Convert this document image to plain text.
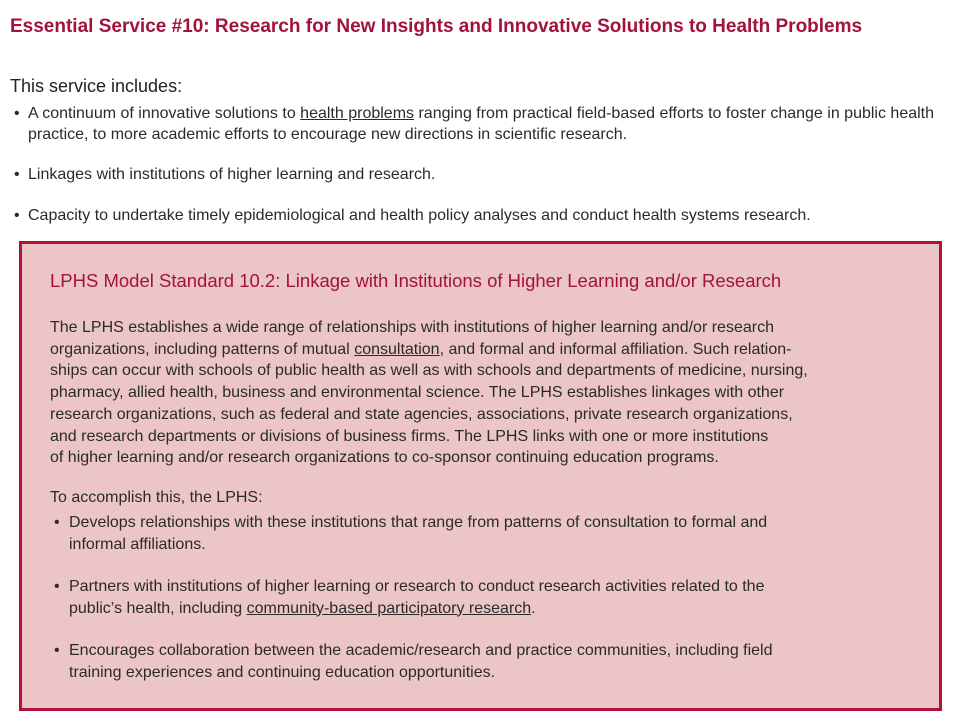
Essential Service #10: Research for New Insights and Innovative Solutions to Health Problems
This service includes:
• A continuum of innovative solutions to health problems ranging from practical field-based efforts to foster change in public health practice, to more academic efforts to encourage new directions in scientific research.
• Linkages with institutions of higher learning and research.
• Capacity to undertake timely epidemiological and health policy analyses and conduct health systems research.
LPHS Model Standard 10.2: Linkage with Institutions of Higher Learning and/or Research
The LPHS establishes a wide range of relationships with institutions of higher learning and/or research
organizations, including patterns of mutual consultation, and formal and informal affiliation. Such relation-
ships can occur with schools of public health as well as with schools and departments of medicine, nursing,
pharmacy, allied health, business and environmental science. The LPHS establishes linkages with other
research organizations, such as federal and state agencies, associations, private research organizations,
and research departments or divisions of business firms. The LPHS links with one or more institutions
of higher learning and/or research organizations to co-sponsor continuing education programs.
To accomplish this, the LPHS:
• Develops relationships with these institutions that range from patterns of consultation to formal and
informal affiliations.
• Partners with institutions of higher learning or research to conduct research activities related to the
public’s health, including community-based participatory research.
• Encourages collaboration between the academic/research and practice communities, including field
training experiences and continuing education opportunities.
